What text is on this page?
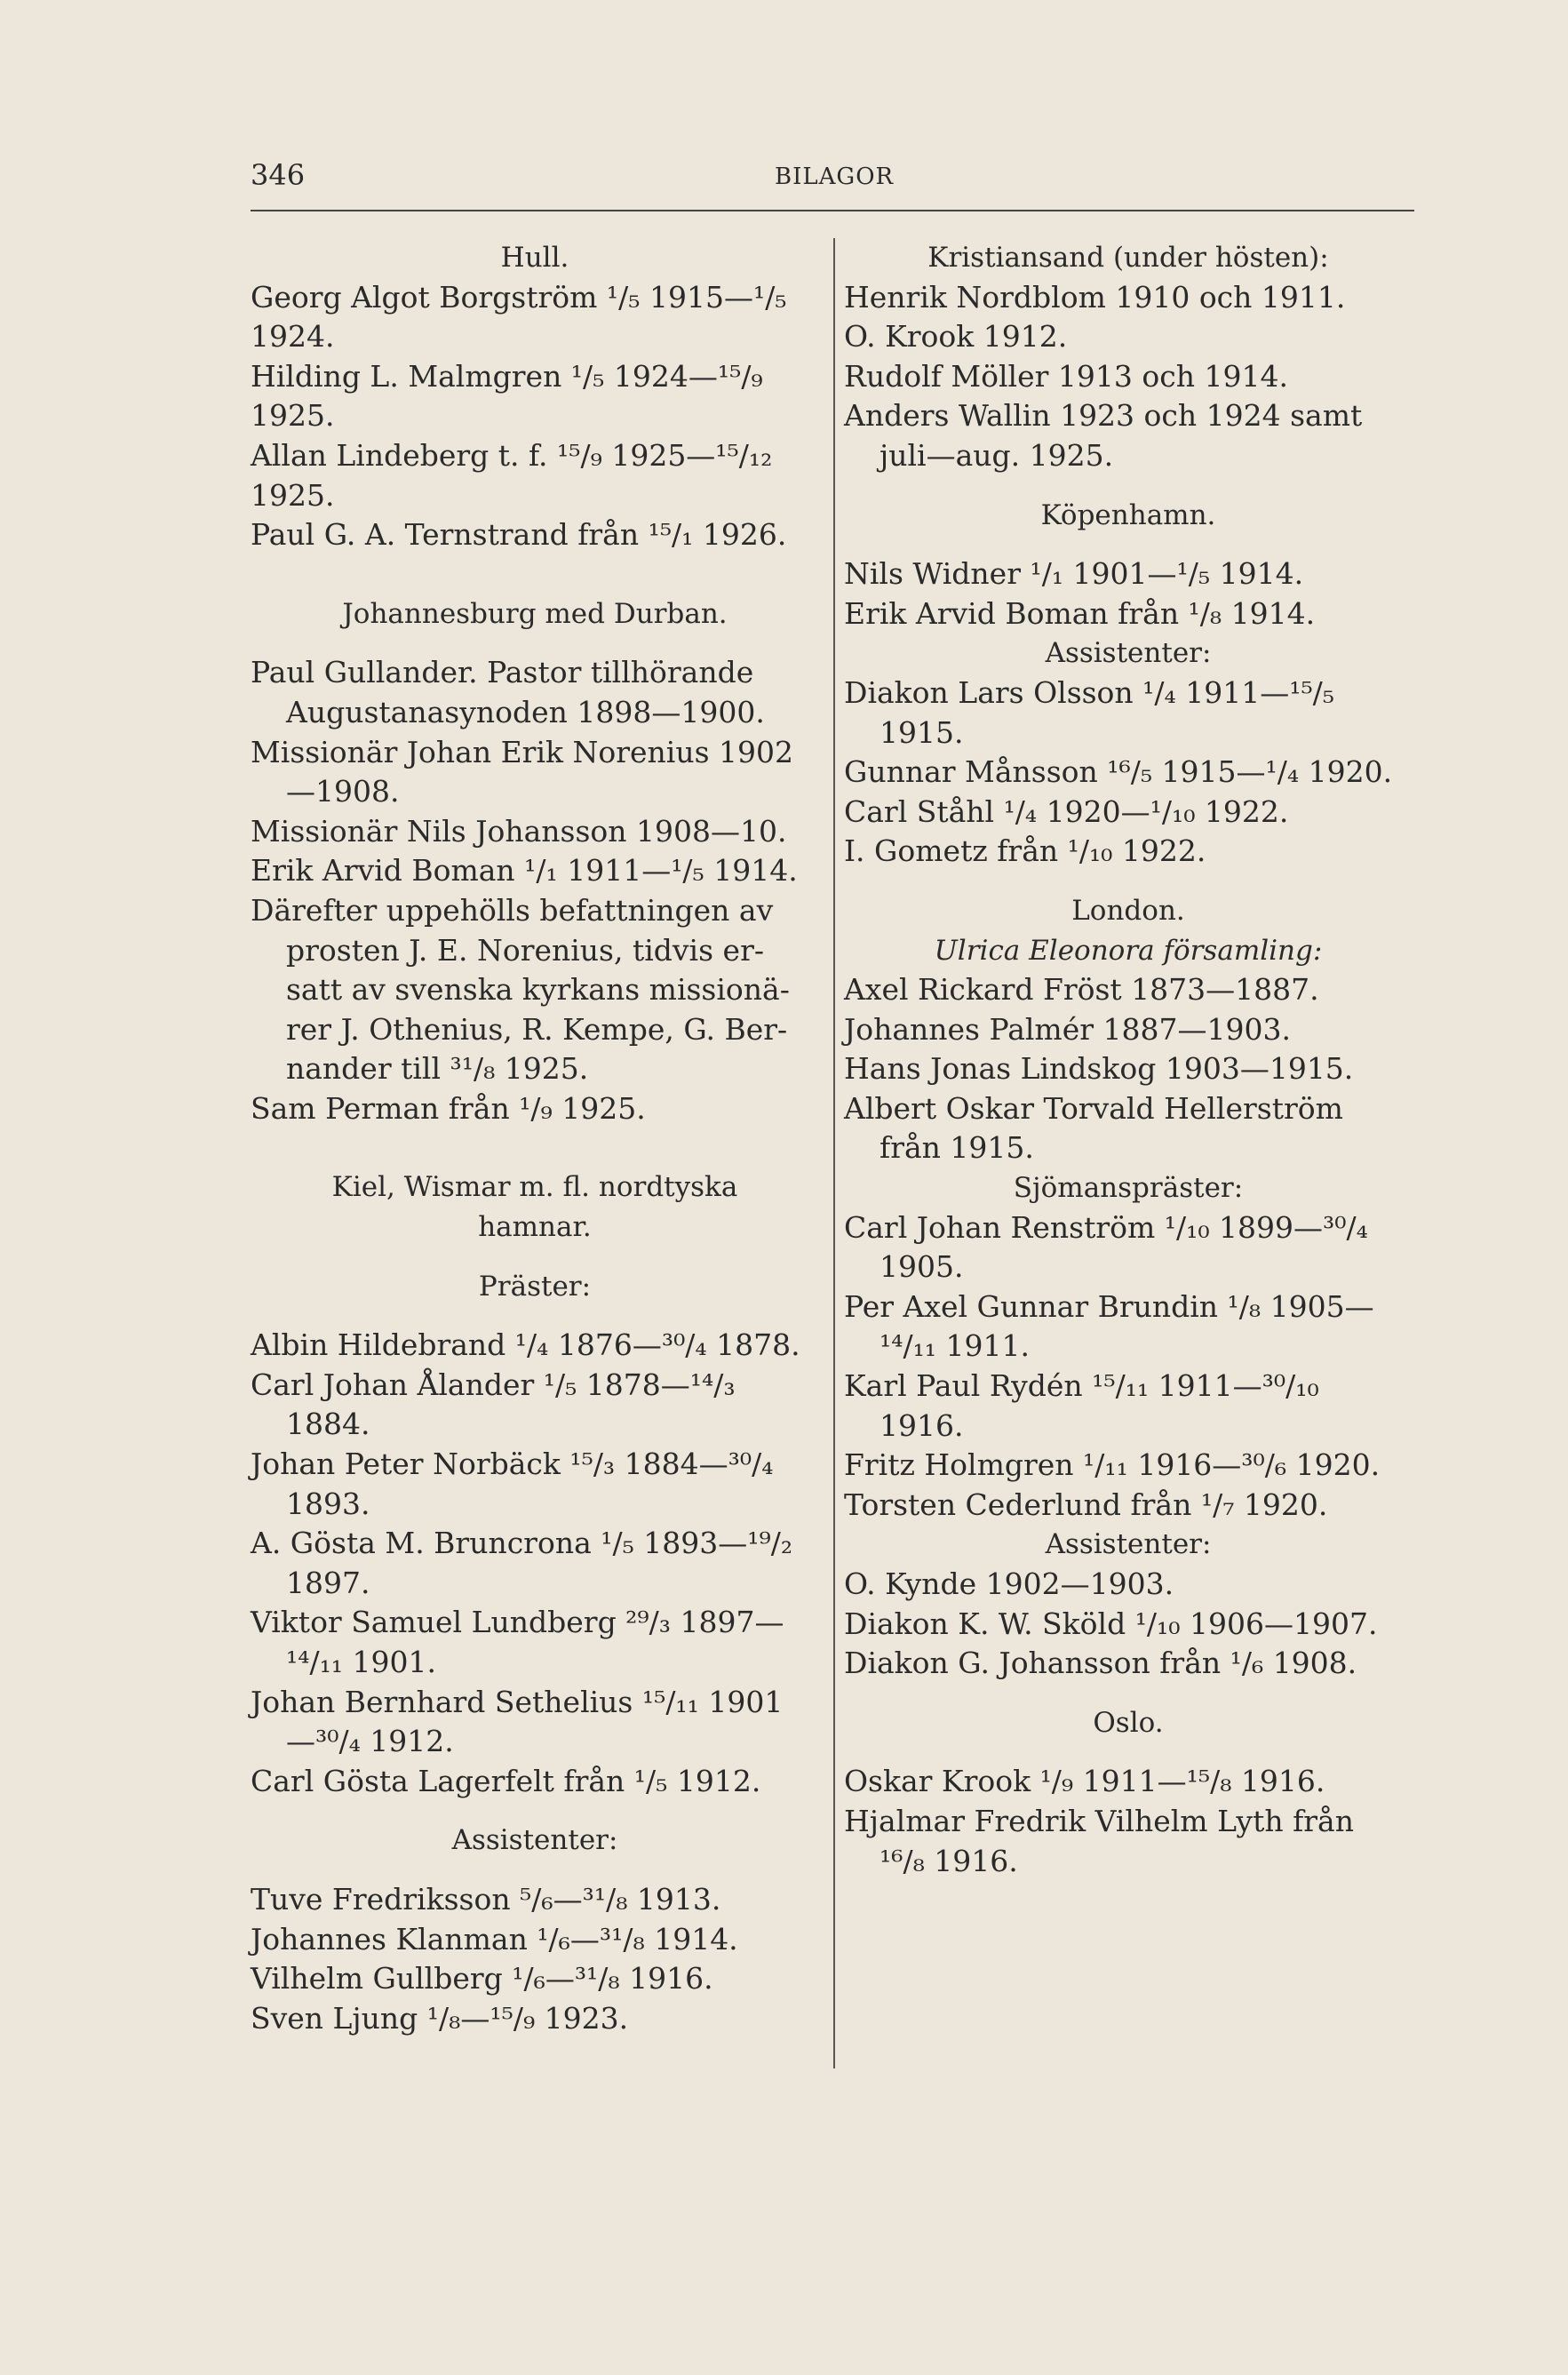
346	BILAGOR
Hull.
Georg Algot Borgström ¹/₅ 1915—¹/₅
1924.
Hilding L. Malmgren ¹/₅ 1924—¹⁵/₉
1925.
Allan Lindeberg t. f. ¹⁵/₉ 1925—¹⁵/₁₂
1925.
Paul G. A. Ternstrand från ¹⁵/₁ 1926.
Johannesburg med Durban.
Paul Gullander. Pastor tillhörande
Augustanasynoden 1898—1900.
Missionär Johan Erik Norenius 1902
—1908.
Missionär Nils Johansson 1908—10.
Erik Arvid Boman ¹/₁ 1911—¹/₅ 1914.
Därefter uppehölls befattningen av
prosten J. E. Norenius, tidvis er-
satt av svenska kyrkans missionä-
rer J. Othenius, R. Kempe, G. Ber-
nander till ³¹/₈ 1925.
Sam Perman från ¹/₉ 1925.
Kiel, Wismar m. fl. nordtyska
hamnar.
Präster:
Albin Hildebrand ¹/₄ 1876—³⁰/₄ 1878.
Carl Johan Ålander ¹/₅ 1878—¹⁴/₃
1884.
Johan Peter Norbäck ¹⁵/₃ 1884—³⁰/₄
1893.
A. Gösta M. Bruncrona ¹/₅ 1893—¹⁹/₂
1897.
Viktor Samuel Lundberg ²⁹/₃ 1897—
¹⁴/₁₁ 1901.
Johan Bernhard Sethelius ¹⁵/₁₁ 1901
—³⁰/₄ 1912.
Carl Gösta Lagerfelt från ¹/₅ 1912.
Assistenter:
Tuve Fredriksson ⁵/₆—³¹/₈ 1913.
Johannes Klanman ¹/₆—³¹/₈ 1914.
Vilhelm Gullberg ¹/₆—³¹/₈ 1916.
Sven Ljung ¹/₈—¹⁵/₉ 1923.
Kristiansand (under hösten):
Henrik Nordblom 1910 och 1911.
O. Krook 1912.
Rudolf Möller 1913 och 1914.
Anders Wallin 1923 och 1924 samt
juli—aug. 1925.
Köpenhamn.
Nils Widner ¹/₁ 1901—¹/₅ 1914.
Erik Arvid Boman från ¹/₈ 1914.
Assistenter:
Diakon Lars Olsson ¹/₄ 1911—¹⁵/₅
1915.
Gunnar Månsson ¹⁶/₅ 1915—¹/₄ 1920.
Carl Ståhl ¹/₄ 1920—¹/₁₀ 1922.
I. Gometz från ¹/₁₀ 1922.
London.
Ulrica Eleonora församling:
Axel Rickard Fröst 1873—1887.
Johannes Palmér 1887—1903.
Hans Jonas Lindskog 1903—1915.
Albert Oskar Torvald Hellerström
från 1915.
Sjömanspräster:
Carl Johan Renström ¹/₁₀ 1899—³⁰/₄
1905.
Per Axel Gunnar Brundin ¹/₈ 1905—
¹⁴/₁₁ 1911.
Karl Paul Rydén ¹⁵/₁₁ 1911—³⁰/₁₀
1916.
Fritz Holmgren ¹/₁₁ 1916—³⁰/₆ 1920.
Torsten Cederlund från ¹/₇ 1920.
Assistenter:
O. Kynde 1902—1903.
Diakon K. W. Sköld ¹/₁₀ 1906—1907.
Diakon G. Johansson från ¹/₆ 1908.
Oslo.
Oskar Krook ¹/₉ 1911—¹⁵/₈ 1916.
Hjalmar Fredrik Vilhelm Lyth från
¹⁶/₈ 1916.
